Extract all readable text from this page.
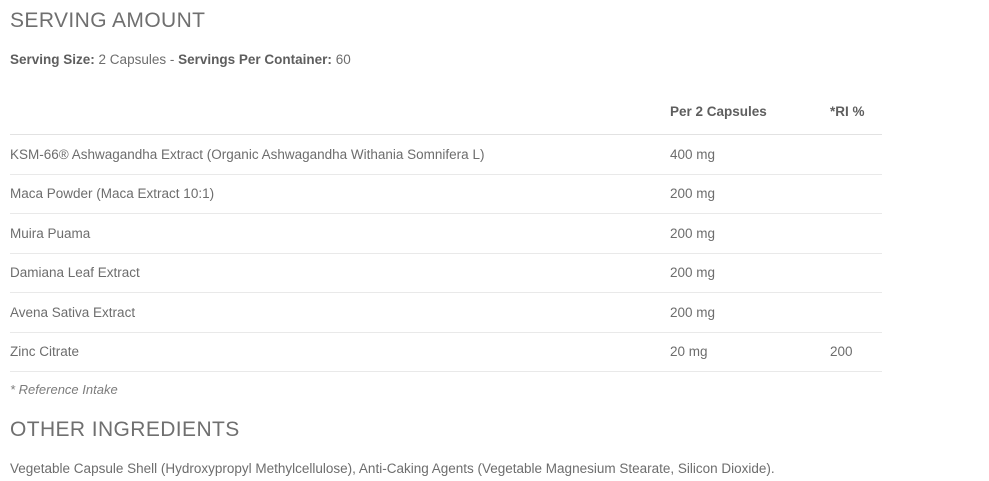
SERVING AMOUNT

Serving Size: 2 Capsules - Servings Per Container: 60

	Per 2 Capsules	*RI %
KSM-66® Ashwagandha Extract (Organic Ashwagandha Withania Somnifera L)	400 mg	
Maca Powder (Maca Extract 10:1)	200 mg	
Muira Puama	200 mg	
Damiana Leaf Extract	200 mg	
Avena Sativa Extract	200 mg	
Zinc Citrate	20 mg	200

* Reference Intake

OTHER INGREDIENTS

Vegetable Capsule Shell (Hydroxypropyl Methylcellulose), Anti-Caking Agents (Vegetable Magnesium Stearate, Silicon Dioxide).
